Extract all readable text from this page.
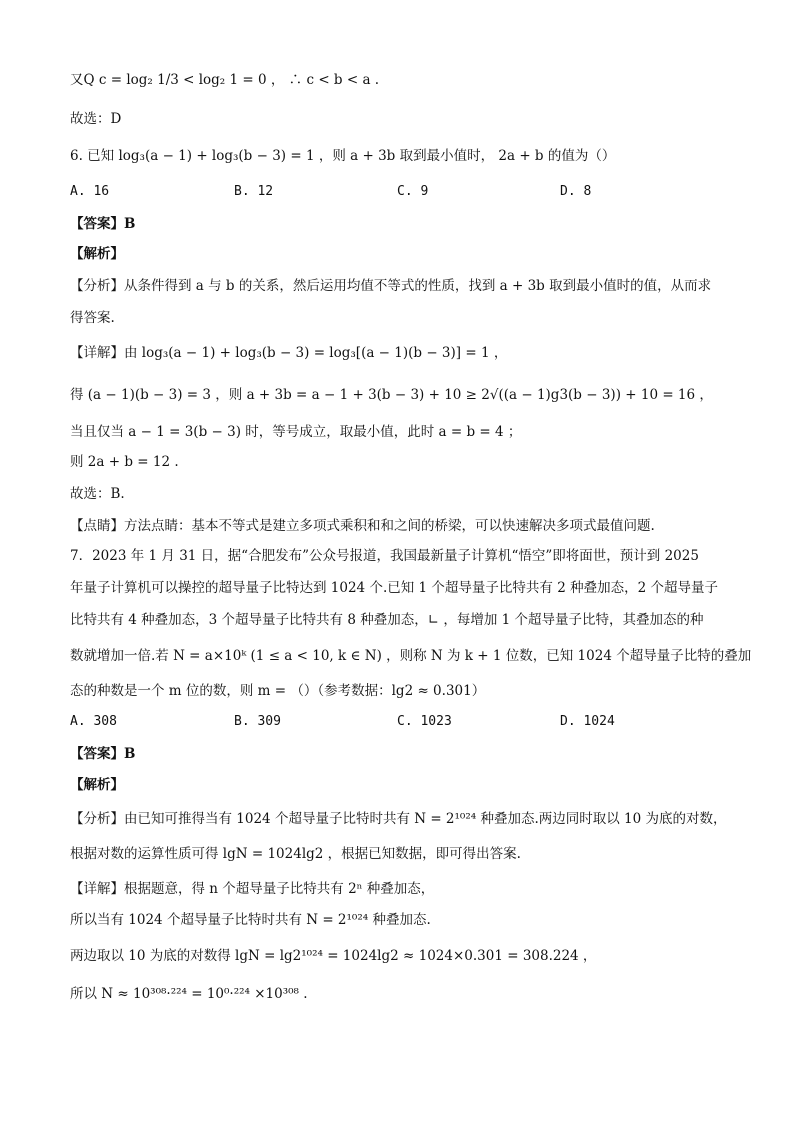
又Q c = log₂ 1/3 < log₂ 1 = 0 ， ∴ c < b < a .
故选：D
6. 已知 log₃(a − 1) + log₃(b − 3) = 1 ，则 a + 3b 取到最小值时， 2a + b 的值为（）
A. 16	B. 12	C. 9	D. 8
【答案】B
【解析】
【分析】从条件得到 a 与 b 的关系，然后运用均值不等式的性质，找到 a + 3b 取到最小值时的值，从而求
得答案.
【详解】由 log₃(a − 1) + log₃(b − 3) = log₃[(a − 1)(b − 3)] = 1 ，
得 (a − 1)(b − 3) = 3 ，则 a + 3b = a − 1 + 3(b − 3) + 10 ≥ 2√((a − 1)g3(b − 3)) + 10 = 16 ，
当且仅当 a − 1 = 3(b − 3) 时，等号成立，取最小值，此时 a = b = 4 ；
则 2a + b = 12 .
故选：B.
【点睛】方法点睛：基本不等式是建立多项式乘积和和之间的桥梁，可以快速解决多项式最值问题.
7．2023 年 1 月 31 日，据“合肥发布”公众号报道，我国最新量子计算机“悟空”即将面世，预计到 2025
年量子计算机可以操控的超导量子比特达到 1024 个.已知 1 个超导量子比特共有 2 种叠加态，2 个超导量子
比特共有 4 种叠加态，3 个超导量子比特共有 8 种叠加态，∟ ，每增加 1 个超导量子比特，其叠加态的种
数就增加一倍.若 N = a×10ᵏ (1 ≤ a < 10, k ∈ N) ，则称 N 为 k + 1 位数，已知 1024 个超导量子比特的叠加
态的种数是一个 m 位的数，则 m = （）（参考数据：lg2 ≈ 0.301）
A. 308	B. 309	C. 1023	D. 1024
【答案】B
【解析】
【分析】由已知可推得当有 1024 个超导量子比特时共有 N = 2¹⁰²⁴ 种叠加态.两边同时取以 10 为底的对数，
根据对数的运算性质可得 lgN = 1024lg2 ，根据已知数据，即可得出答案.
【详解】根据题意，得 n 个超导量子比特共有 2ⁿ 种叠加态，
所以当有 1024 个超导量子比特时共有 N = 2¹⁰²⁴ 种叠加态.
两边取以 10 为底的对数得 lgN = lg2¹⁰²⁴ = 1024lg2 ≈ 1024×0.301 = 308.224 ，
所以 N ≈ 10³⁰⁸·²²⁴ = 10⁰·²²⁴ ×10³⁰⁸ .
